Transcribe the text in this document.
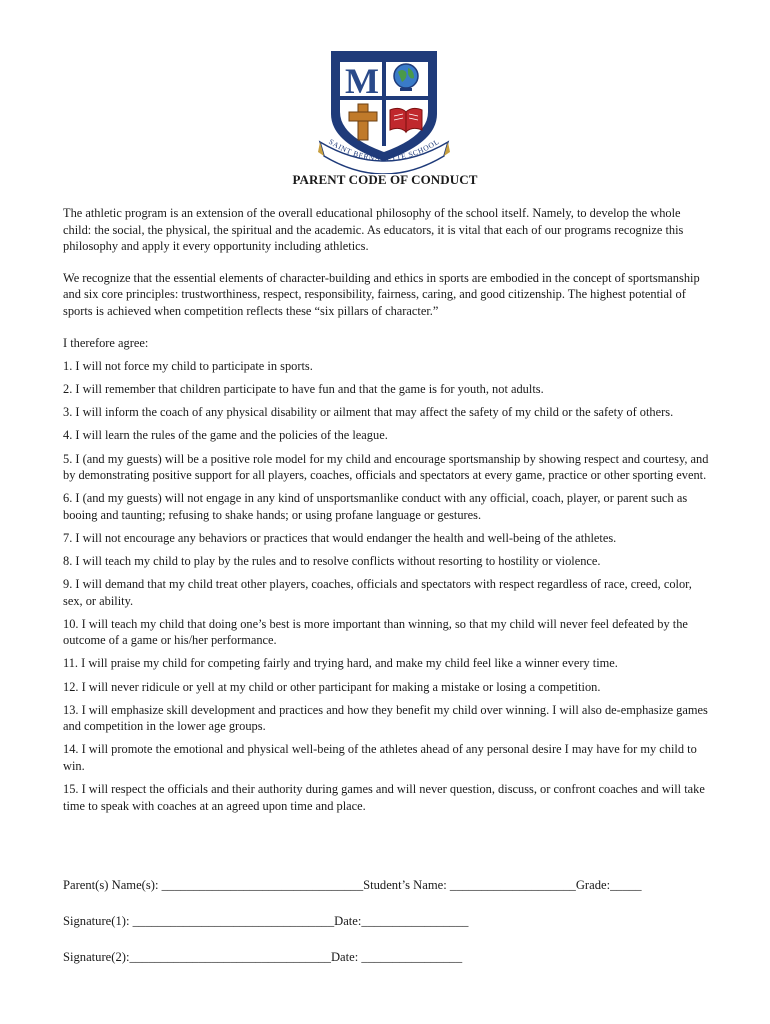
M
SAINT BERNADETTE SCHOOL
PARENT CODE OF CONDUCT

The athletic program is an extension of the overall educational philosophy of the school itself. Namely, to develop the whole child: the social, the physical, the spiritual and the academic. As educators, it is vital that each of our programs recognize this philosophy and apply it every opportunity including athletics.

We recognize that the essential elements of character-building and ethics in sports are embodied in the concept of sportsmanship and six core principles: trustworthiness, respect, responsibility, fairness, caring, and good citizenship. The highest potential of sports is achieved when competition reflects these “six pillars of character.”

I therefore agree:

1. I will not force my child to participate in sports.

2. I will remember that children participate to have fun and that the game is for youth, not adults.

3. I will inform the coach of any physical disability or ailment that may affect the safety of my child or the safety of others.

4. I will learn the rules of the game and the policies of the league.

5. I (and my guests) will be a positive role model for my child and encourage sportsmanship by showing respect and courtesy, and by demonstrating positive support for all players, coaches, officials and spectators at every game, practice or other sporting event.

6. I (and my guests) will not engage in any kind of unsportsmanlike conduct with any official, coach, player, or parent such as booing and taunting; refusing to shake hands; or using profane language or gestures.

7. I will not encourage any behaviors or practices that would endanger the health and well-being of the athletes.

8. I will teach my child to play by the rules and to resolve conflicts without resorting to hostility or violence.

9. I will demand that my child treat other players, coaches, officials and spectators with respect regardless of race, creed, color, sex, or ability.

10. I will teach my child that doing one’s best is more important than winning, so that my child will never feel defeated by the outcome of a game or his/her performance.

11. I will praise my child for competing fairly and trying hard, and make my child feel like a winner every time.

12. I will never ridicule or yell at my child or other participant for making a mistake or losing a competition.

13. I will emphasize skill development and practices and how they benefit my child over winning. I will also de-emphasize games and competition in the lower age groups.

14. I will promote the emotional and physical well-being of the athletes ahead of any personal desire I may have for my child to win.

15. I will respect the officials and their authority during games and will never question, discuss, or confront coaches and will take time to speak with coaches at an agreed upon time and place.

Parent(s) Name(s): ________________________________Student’s Name: ____________________Grade:_____
Signature(1): ________________________________Date:_________________
Signature(2):________________________________Date: ________________
